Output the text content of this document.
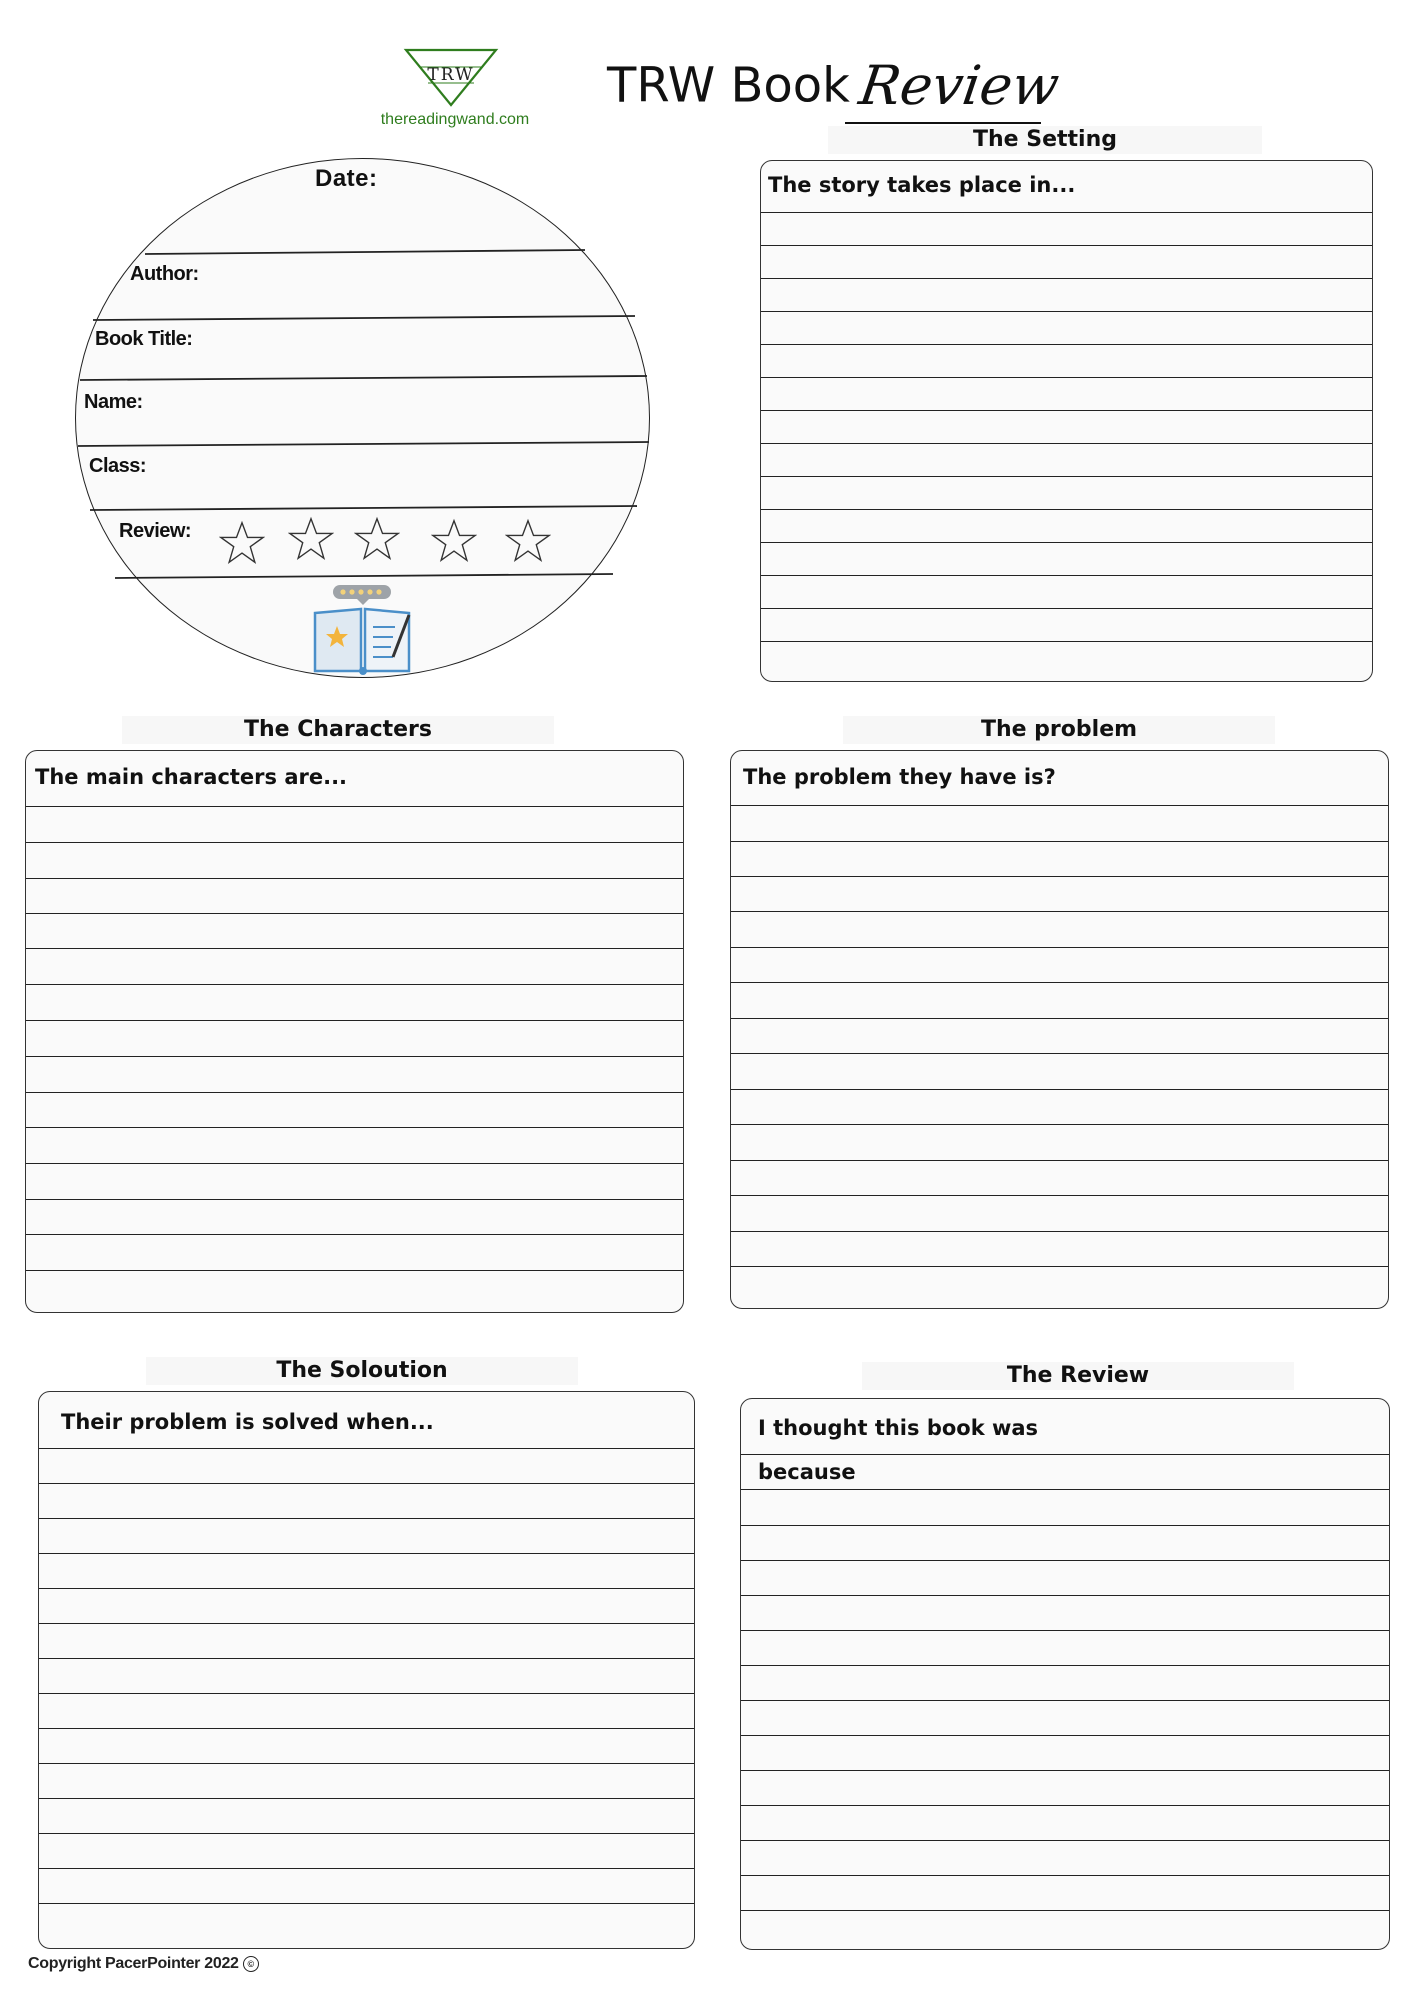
TRW
thereadingwand.com
TRW Book Review
Date:
Author:
Book Title:
Name:
Class:
Review:
The Setting
The story takes place in...
The Characters
The main characters are...
The problem
The problem they have is?
The Soloution
Their problem is solved when...
The Review
I thought this book was
because
Copyright PacerPointer 2022 ©
